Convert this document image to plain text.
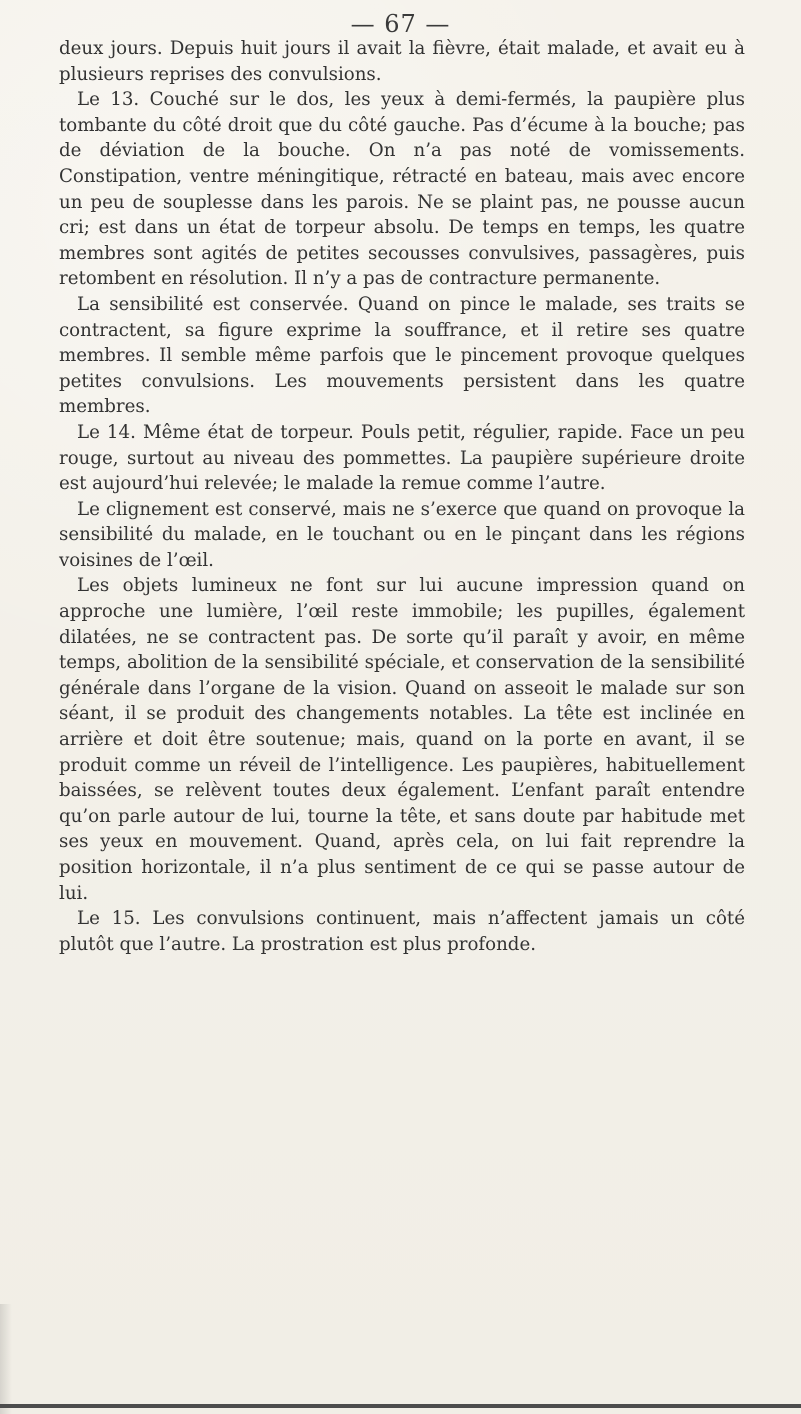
— 67 —

deux jours. Depuis huit jours il avait la fièvre, était malade, et avait eu à plusieurs reprises des convulsions.

Le 13. Couché sur le dos, les yeux à demi-fermés, la paupière plus tombante du côté droit que du côté gauche. Pas d’écume à la bouche; pas de déviation de la bouche. On n’a pas noté de vomissements. Constipation, ventre méningitique, rétracté en bateau, mais avec encore un peu de souplesse dans les parois. Ne se plaint pas, ne pousse aucun cri; est dans un état de torpeur absolu. De temps en temps, les quatre membres sont agités de petites secousses convulsives, passagères, puis retombent en résolution. Il n’y a pas de contracture permanente.

La sensibilité est conservée. Quand on pince le malade, ses traits se contractent, sa figure exprime la souffrance, et il retire ses quatre membres. Il semble même parfois que le pincement provoque quelques petites convulsions. Les mouvements persistent dans les quatre membres.

Le 14. Même état de torpeur. Pouls petit, régulier, rapide. Face un peu rouge, surtout au niveau des pommettes. La paupière supérieure droite est aujourd’hui relevée; le malade la remue comme l’autre.

Le clignement est conservé, mais ne s’exerce que quand on provoque la sensibilité du malade, en le touchant ou en le pinçant dans les régions voisines de l’œil.

Les objets lumineux ne font sur lui aucune impression quand on approche une lumière, l’œil reste immobile; les pupilles, également dilatées, ne se contractent pas. De sorte qu’il paraît y avoir, en même temps, abolition de la sensibilité spéciale, et conservation de la sensibilité générale dans l’organe de la vision. Quand on asseoit le malade sur son séant, il se produit des changements notables. La tête est inclinée en arrière et doit être soutenue; mais, quand on la porte en avant, il se produit comme un réveil de l’intelligence. Les paupières, habituellement baissées, se relèvent toutes deux également. L’enfant paraît entendre qu’on parle autour de lui, tourne la tête, et sans doute par habitude met ses yeux en mouvement. Quand, après cela, on lui fait reprendre la position horizontale, il n’a plus sentiment de ce qui se passe autour de lui.

Le 15. Les convulsions continuent, mais n’affectent jamais un côté plutôt que l’autre. La prostration est plus profonde.
